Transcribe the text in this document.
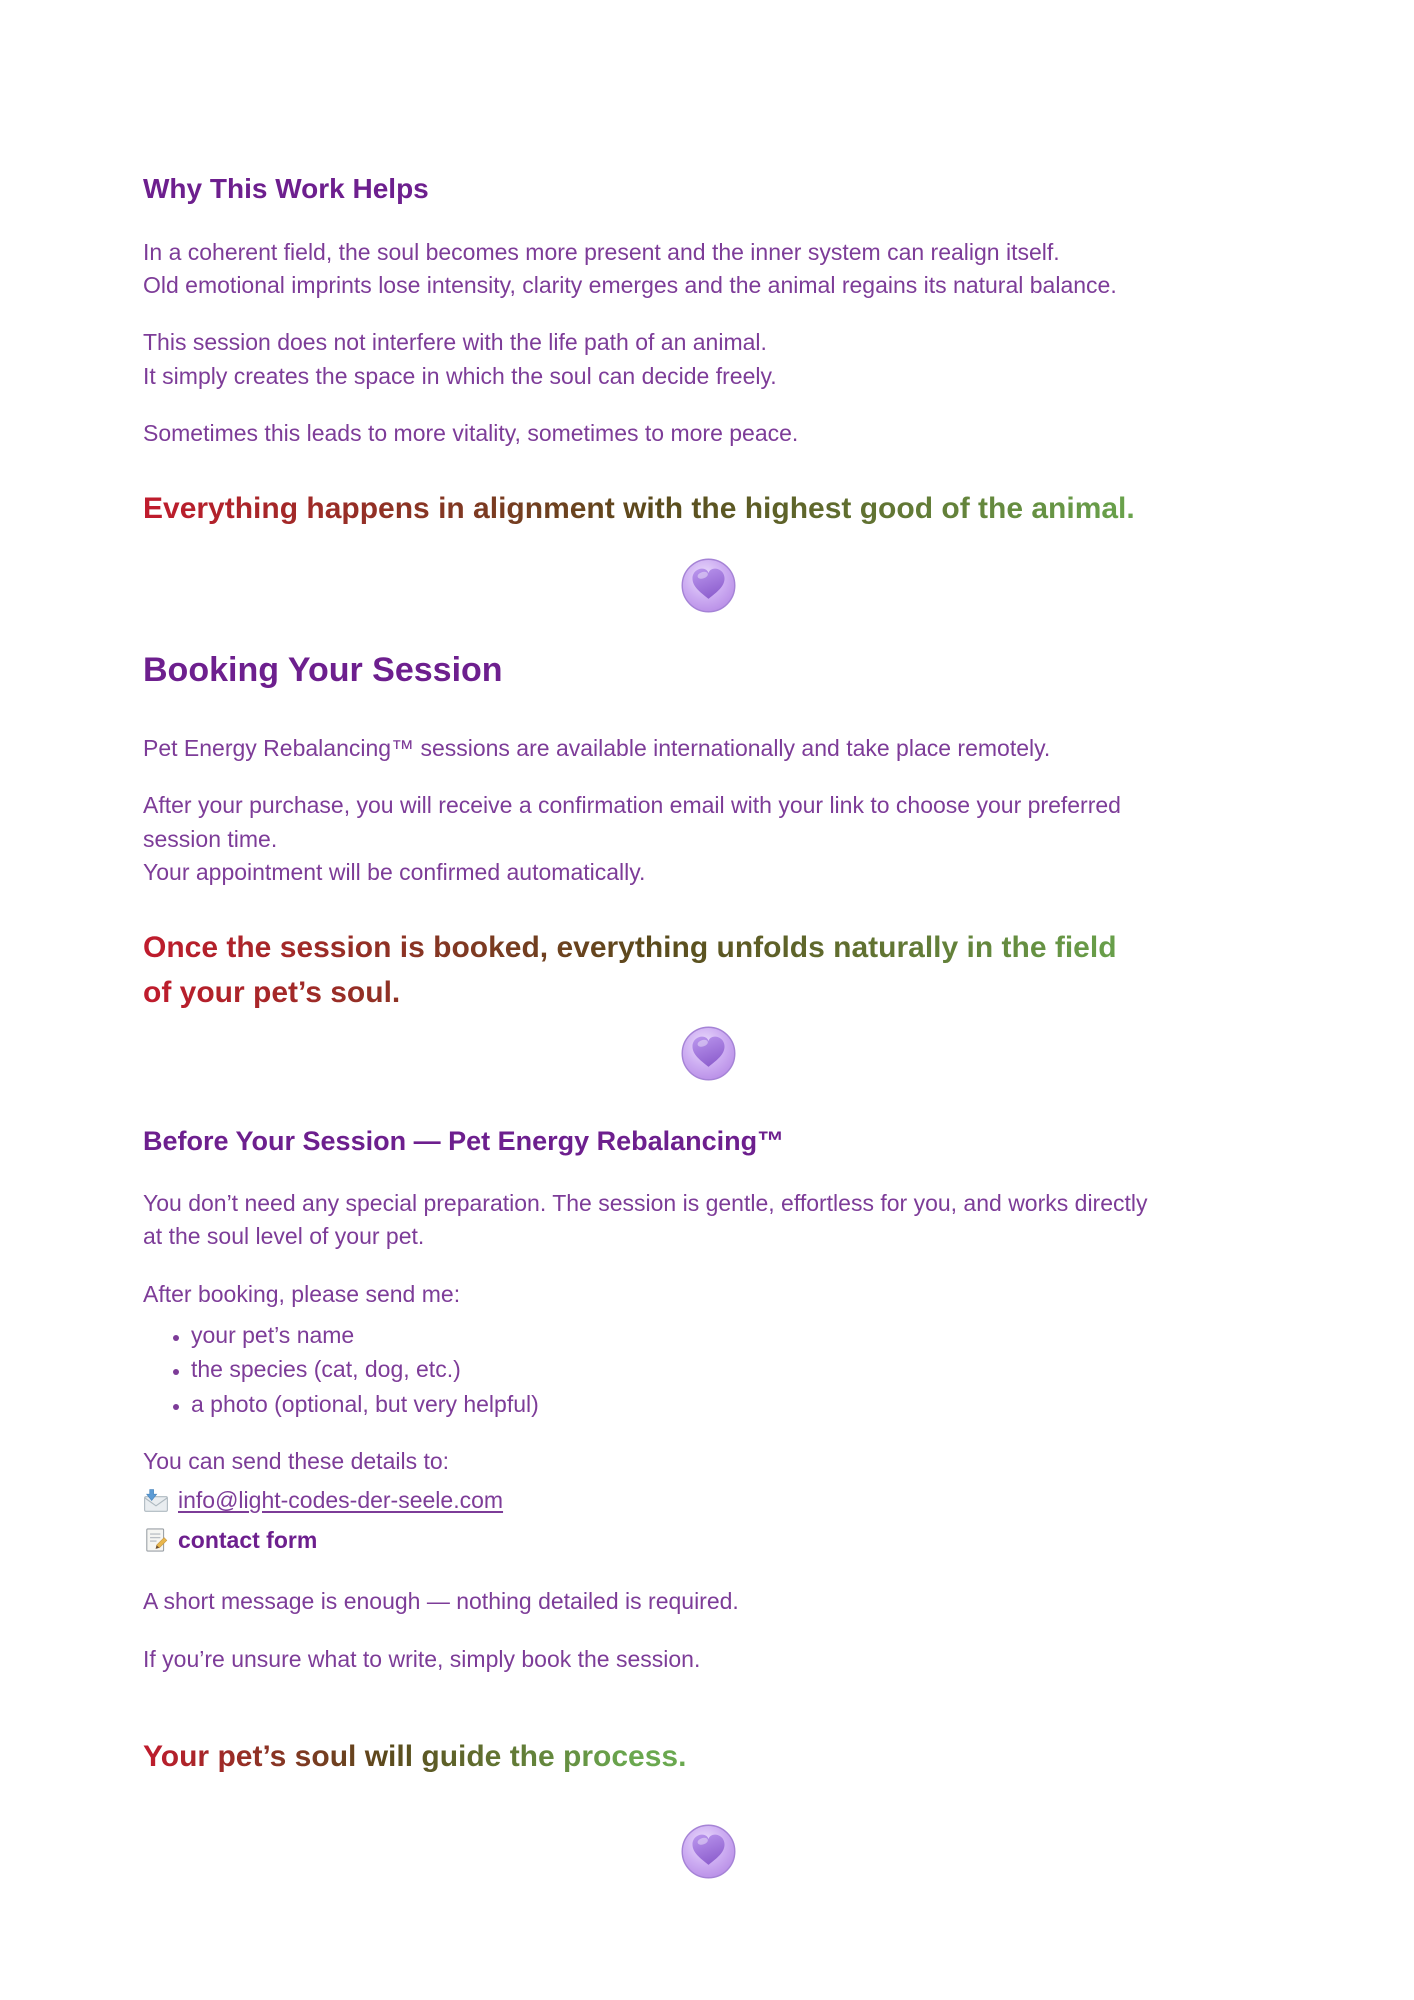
Why This Work Helps

In a coherent field, the soul becomes more present and the inner system can realign itself.
Old emotional imprints lose intensity, clarity emerges and the animal regains its natural balance.

This session does not interfere with the life path of an animal.
It simply creates the space in which the soul can decide freely.

Sometimes this leads to more vitality, sometimes to more peace.

Everything happens in alignment with the highest good of the animal.
Booking Your Session

Pet Energy Rebalancing™ sessions are available internationally and take place remotely.

After your purchase, you will receive a confirmation email with your link to choose your preferred
session time.
Your appointment will be confirmed automatically.

Once the session is booked, everything unfolds naturally in the field
of your pet’s soul.
Before Your Session — Pet Energy Rebalancing™

You don’t need any special preparation. The session is gentle, effortless for you, and works directly
at the soul level of your pet.

After booking, please send me:

• your pet’s name
• the species (cat, dog, etc.)
• a photo (optional, but very helpful)
You can send these details to:
info@light-codes-der-seele.com
contact form

A short message is enough — nothing detailed is required.

If you’re unsure what to write, simply book the session.

Your pet’s soul will guide the process.
